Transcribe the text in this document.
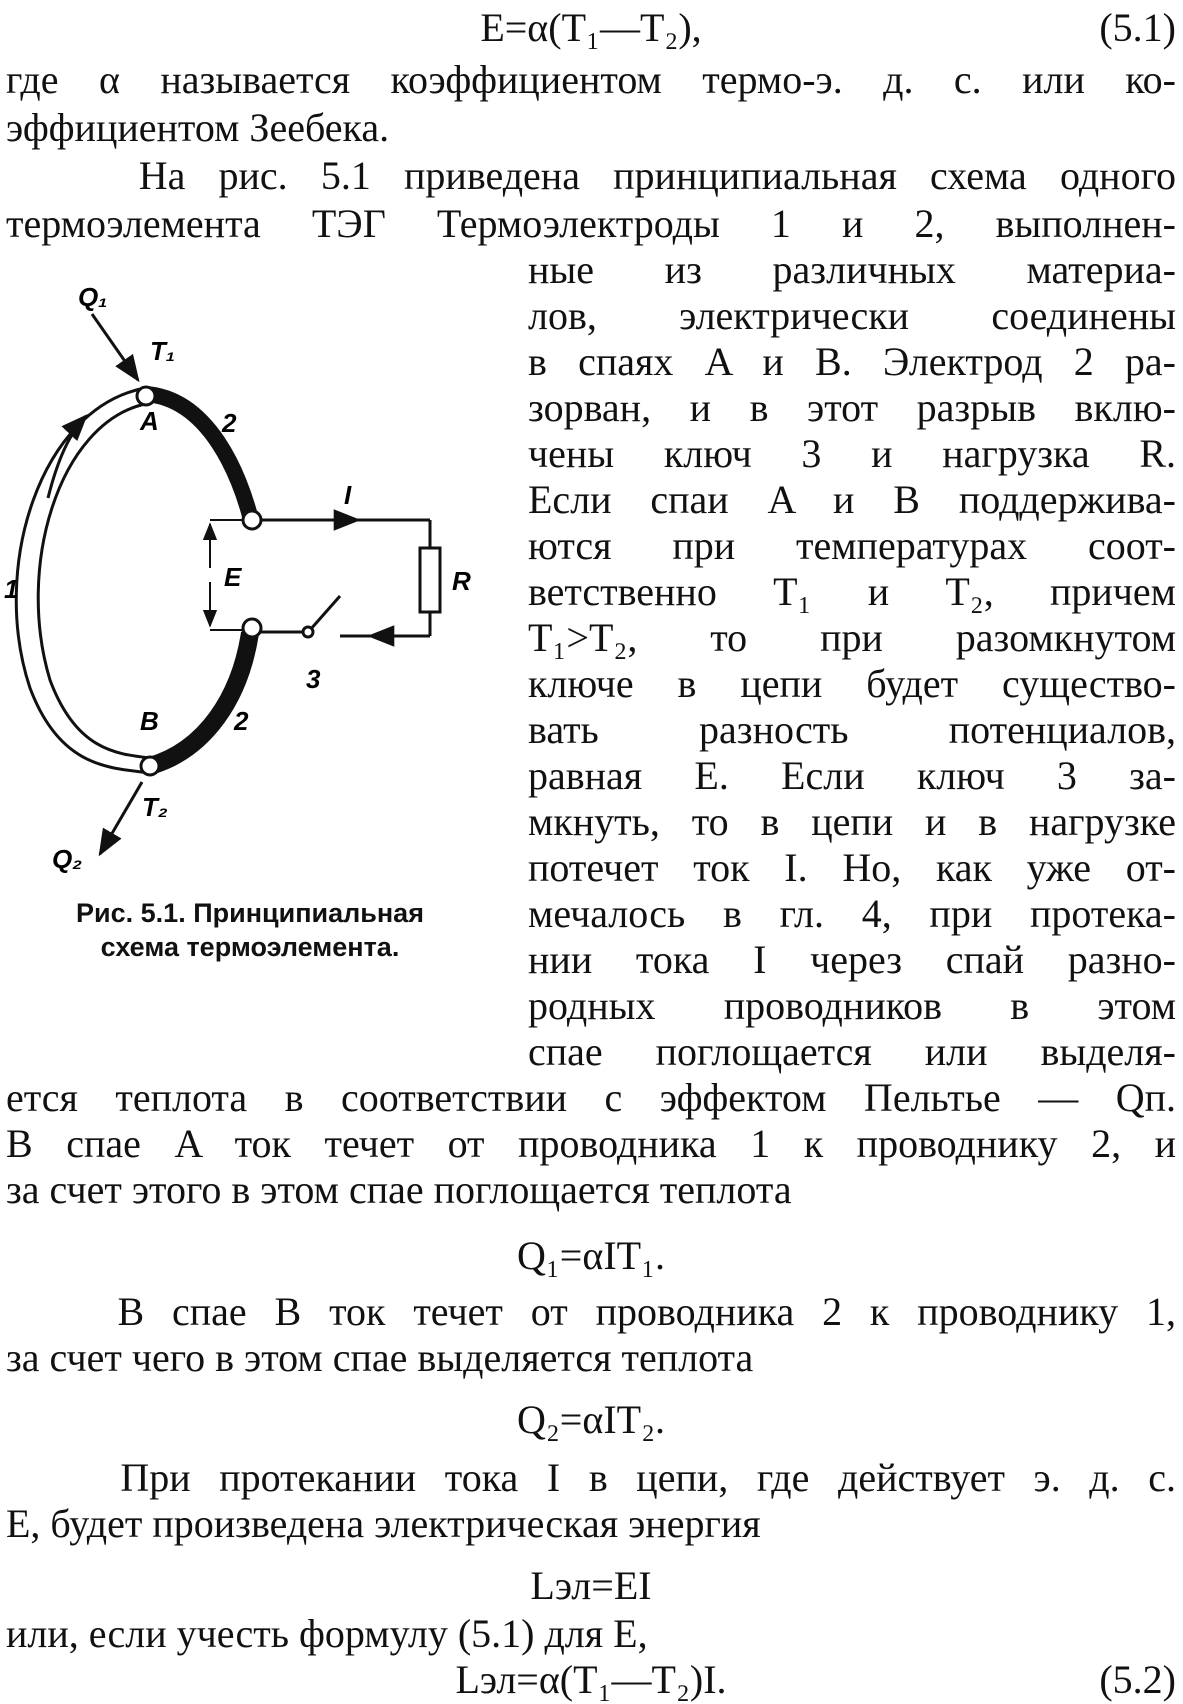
E=α(T₁—T₂),	(5.1)
где α называется коэффициентом термо-э. д. с. или ко-
эффициентом Зеебека.
На рис. 5.1 приведена принципиальная схема одного
термоэлемента ТЭГ Термоэлектроды 1 и 2, выполнен-
ные из различных материа-
лов, электрически соединены
в спаях A и B. Электрод 2 ра-
зорван, и в этот разрыв вклю-
чены ключ 3 и нагрузка R.
Если спаи A и B поддержива-
ются при температурах соот-
ветственно T₁ и T₂, причем
T₁>T₂, то при разомкнутом
ключе в цепи будет существо-
вать разность потенциалов,
равная E. Если ключ 3 за-
мкнуть, то в цепи и в нагрузке
потечет ток I. Но, как уже от-
мечалось в гл. 4, при протека-
нии тока I через спай разно-
родных проводников в этом
спае поглощается или выделя-
Q₁
T₁
A 2
1
I
E	R
3
B	2
T₂
Q₂
Рис. 5.1. Принципиальная
схема термоэлемента.
ется теплота в соответствии с эффектом Пельтье — Qп.
В спае A ток течет от проводника 1 к проводнику 2, и
за счет этого в этом спае поглощается теплота
Q₁=αIT₁.
В спае B ток течет от проводника 2 к проводнику 1,
за счет чего в этом спае выделяется теплота
Q₂=αIT₂.
При протекании тока I в цепи, где действует э. д. с.
E, будет произведена электрическая энергия
Lэл=EI
или, если учесть формулу (5.1) для E,
Lэл=α(T₁—T₂)I.	(5.2)
